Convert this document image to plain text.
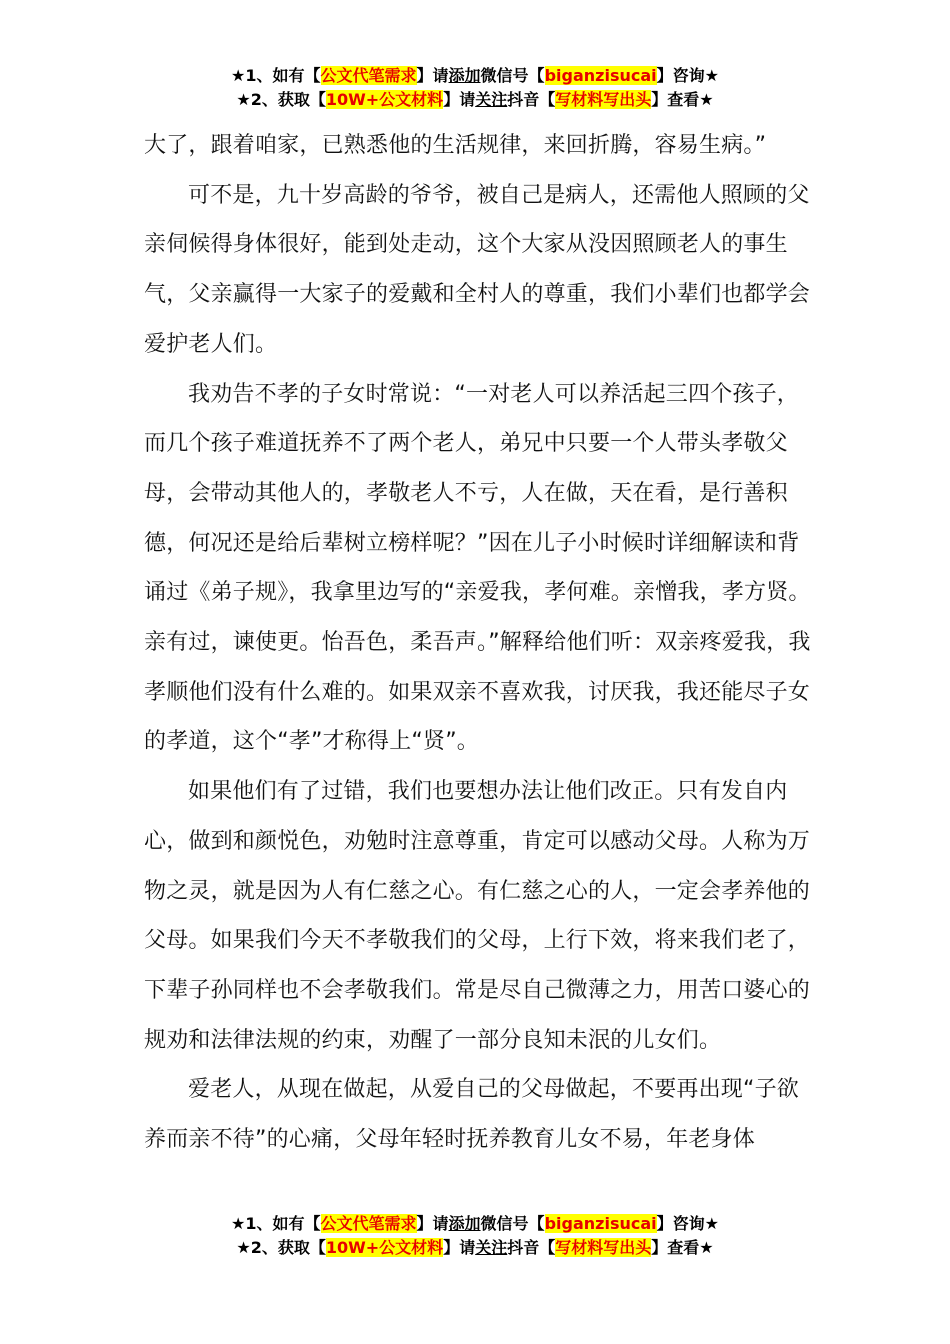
★1、如有【公文代笔需求】请添加微信号【biganzisucai】咨询★
★2、获取【10W+公文材料】请关注抖音【写材料写出头】查看★

大了，跟着咱家，已熟悉他的生活规律，来回折腾，容易生病。”

可不是，九十岁高龄的爷爷，被自己是病人，还需他人照顾的父亲伺候得身体很好，能到处走动，这个大家从没因照顾老人的事生气，父亲赢得一大家子的爱戴和全村人的尊重，我们小辈们也都学会爱护老人们。

我劝告不孝的子女时常说：“一对老人可以养活起三四个孩子，而几个孩子难道抚养不了两个老人，弟兄中只要一个人带头孝敬父母，会带动其他人的，孝敬老人不亏，人在做，天在看，是行善积德，何况还是给后辈树立榜样呢？”因在儿子小时候时详细解读和背诵过《弟子规》，我拿里边写的“亲爱我，孝何难。亲憎我，孝方贤。亲有过，谏使更。怡吾色，柔吾声。”解释给他们听：双亲疼爱我，我孝顺他们没有什么难的。如果双亲不喜欢我，讨厌我，我还能尽子女的孝道，这个“孝”才称得上“贤”。

如果他们有了过错，我们也要想办法让他们改正。只有发自内心，做到和颜悦色，劝勉时注意尊重，肯定可以感动父母。人称为万物之灵，就是因为人有仁慈之心。有仁慈之心的人，一定会孝养他的父母。如果我们今天不孝敬我们的父母，上行下效，将来我们老了，下辈子孙同样也不会孝敬我们。常是尽自己微薄之力，用苦口婆心的规劝和法律法规的约束，劝醒了一部分良知未泯的儿女们。

爱老人，从现在做起，从爱自己的父母做起，不要再出现“子欲养而亲不待”的心痛，父母年轻时抚养教育儿女不易，年老身体

★1、如有【公文代笔需求】请添加微信号【biganzisucai】咨询★
★2、获取【10W+公文材料】请关注抖音【写材料写出头】查看★
